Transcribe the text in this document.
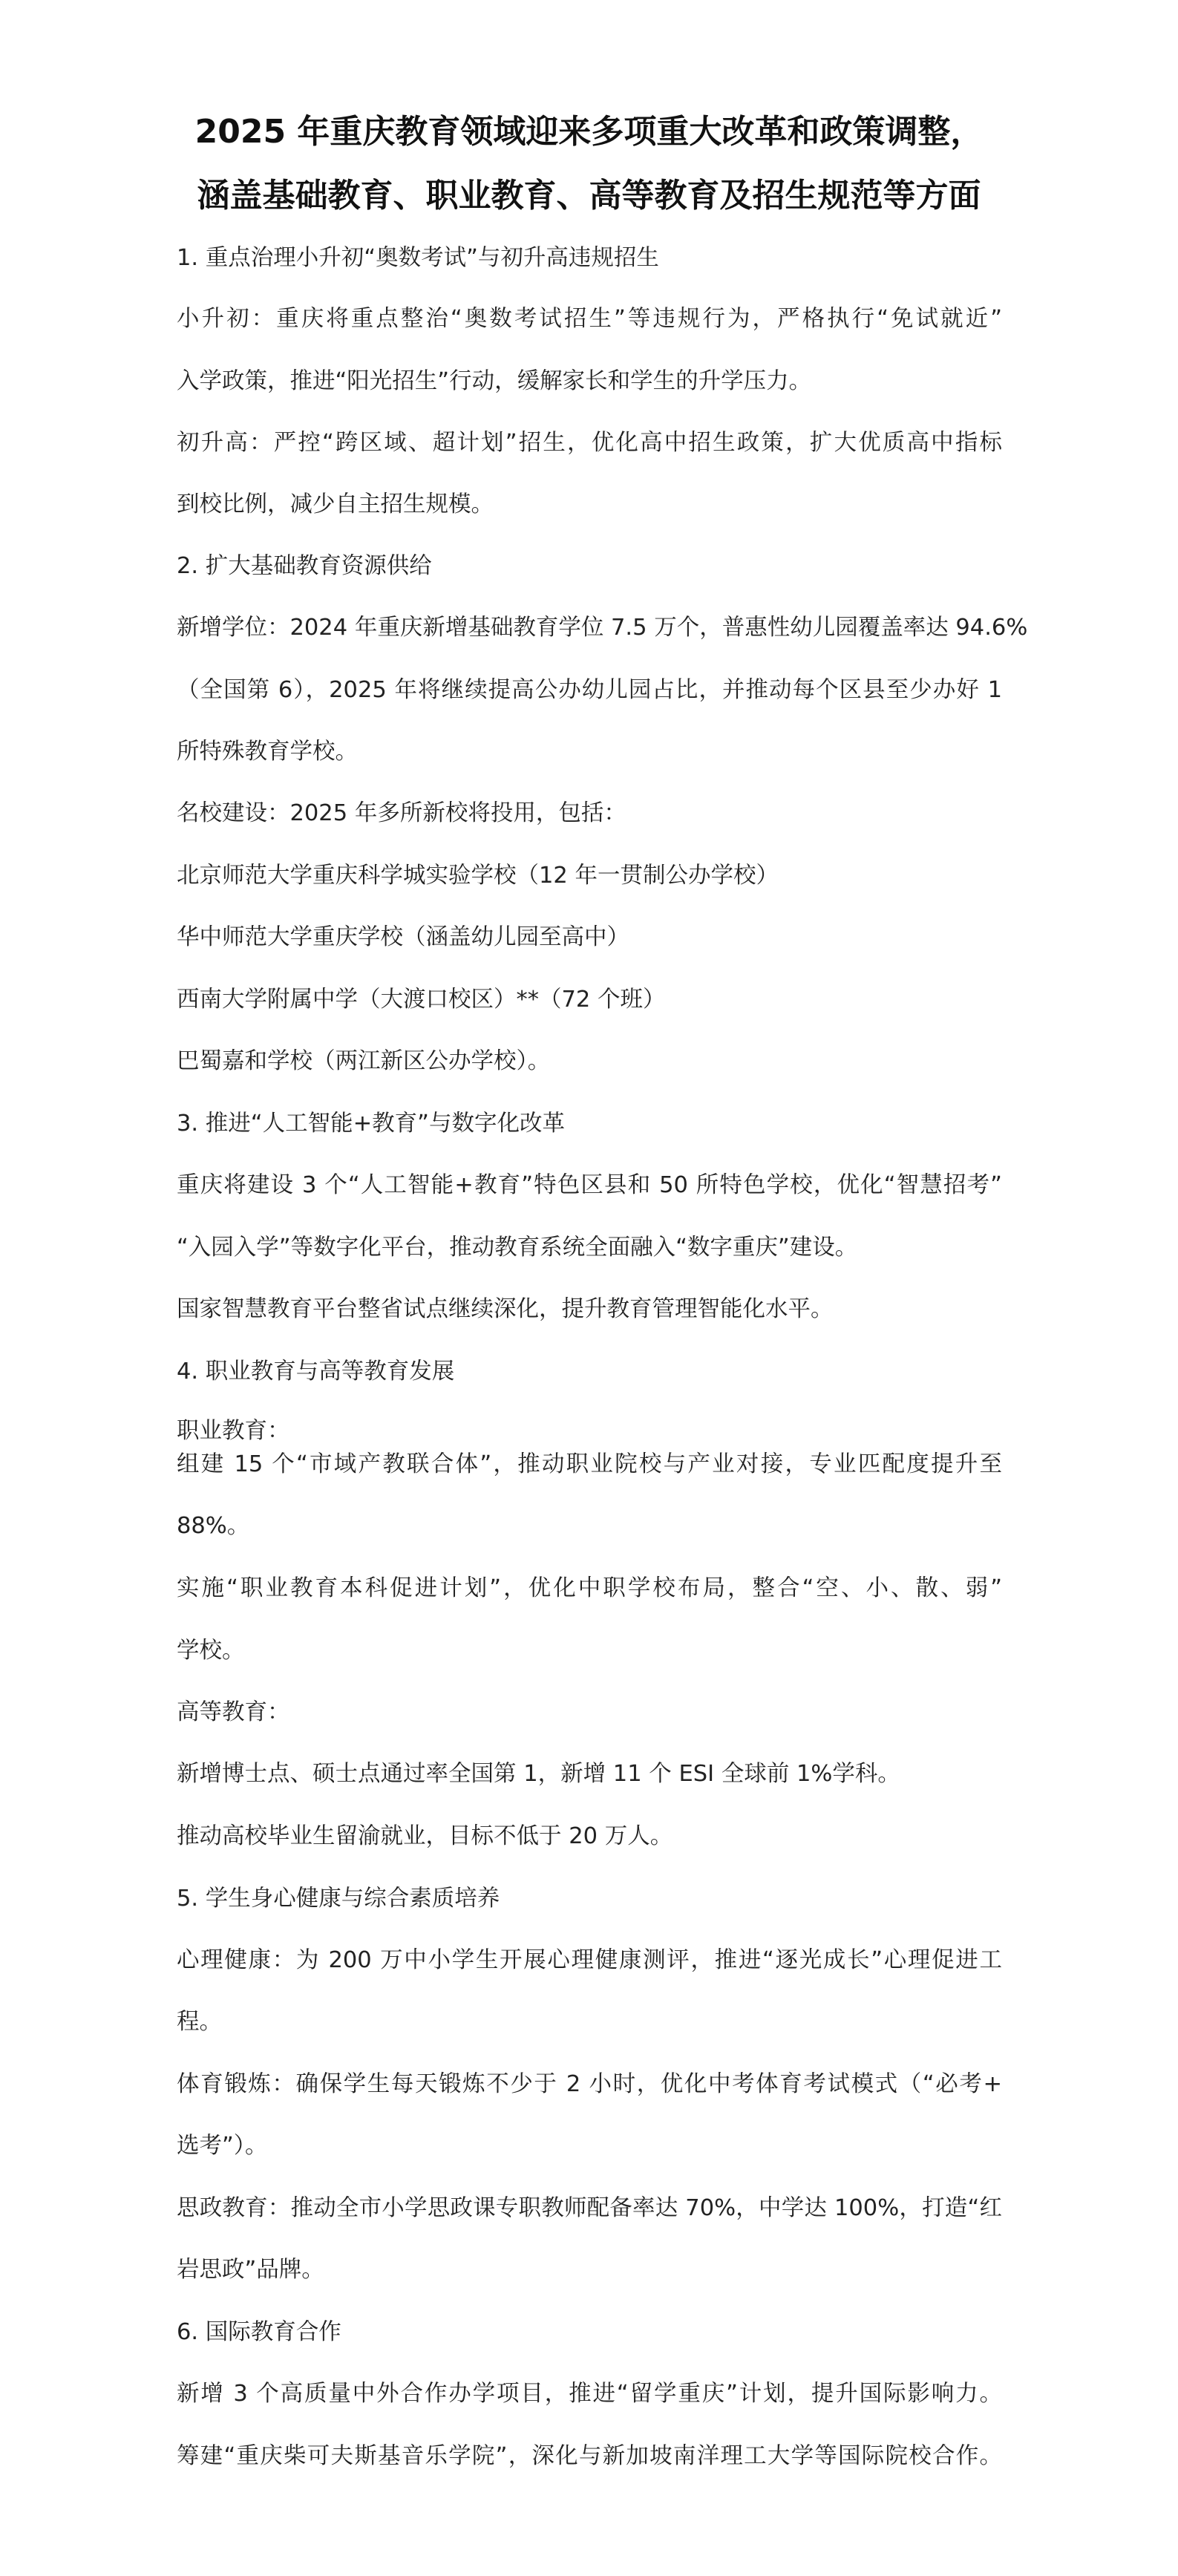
2025 年重庆教育领域迎来多项重大改革和政策调整，
涵盖基础教育、职业教育、高等教育及招生规范等方面
1. 重点治理小升初“奥数考试”与初升高违规招生
小升初：重庆将重点整治“奥数考试招生”等违规行为，严格执行“免试就近”
入学政策，推进“阳光招生”行动，缓解家长和学生的升学压力。
初升高：严控“跨区域、超计划”招生，优化高中招生政策，扩大优质高中指标
到校比例，减少自主招生规模。
2. 扩大基础教育资源供给
新增学位：2024 年重庆新增基础教育学位 7.5 万个，普惠性幼儿园覆盖率达 94.6%
（全国第 6），2025 年将继续提高公办幼儿园占比，并推动每个区县至少办好 1
所特殊教育学校。
名校建设：2025 年多所新校将投用，包括：
北京师范大学重庆科学城实验学校（12 年一贯制公办学校）
华中师范大学重庆学校（涵盖幼儿园至高中）
西南大学附属中学（大渡口校区）**（72 个班）
巴蜀嘉和学校（两江新区公办学校）。
3. 推进“人工智能+教育”与数字化改革
重庆将建设 3 个“人工智能+教育”特色区县和 50 所特色学校，优化“智慧招考”
“入园入学”等数字化平台，推动教育系统全面融入“数字重庆”建设。
国家智慧教育平台整省试点继续深化，提升教育管理智能化水平。
4. 职业教育与高等教育发展
职业教育：
组建 15 个“市域产教联合体”，推动职业院校与产业对接，专业匹配度提升至
88%。
实施“职业教育本科促进计划”，优化中职学校布局，整合“空、小、散、弱”
学校。
高等教育：
新增博士点、硕士点通过率全国第 1，新增 11 个 ESI 全球前 1%学科。
推动高校毕业生留渝就业，目标不低于 20 万人。
5. 学生身心健康与综合素质培养
心理健康：为 200 万中小学生开展心理健康测评，推进“逐光成长”心理促进工
程。
体育锻炼：确保学生每天锻炼不少于 2 小时，优化中考体育考试模式（“必考+
选考”）。
思政教育：推动全市小学思政课专职教师配备率达 70%，中学达 100%，打造“红
岩思政”品牌。
6. 国际教育合作
新增 3 个高质量中外合作办学项目，推进“留学重庆”计划，提升国际影响力。
筹建“重庆柴可夫斯基音乐学院”，深化与新加坡南洋理工大学等国际院校合作。
